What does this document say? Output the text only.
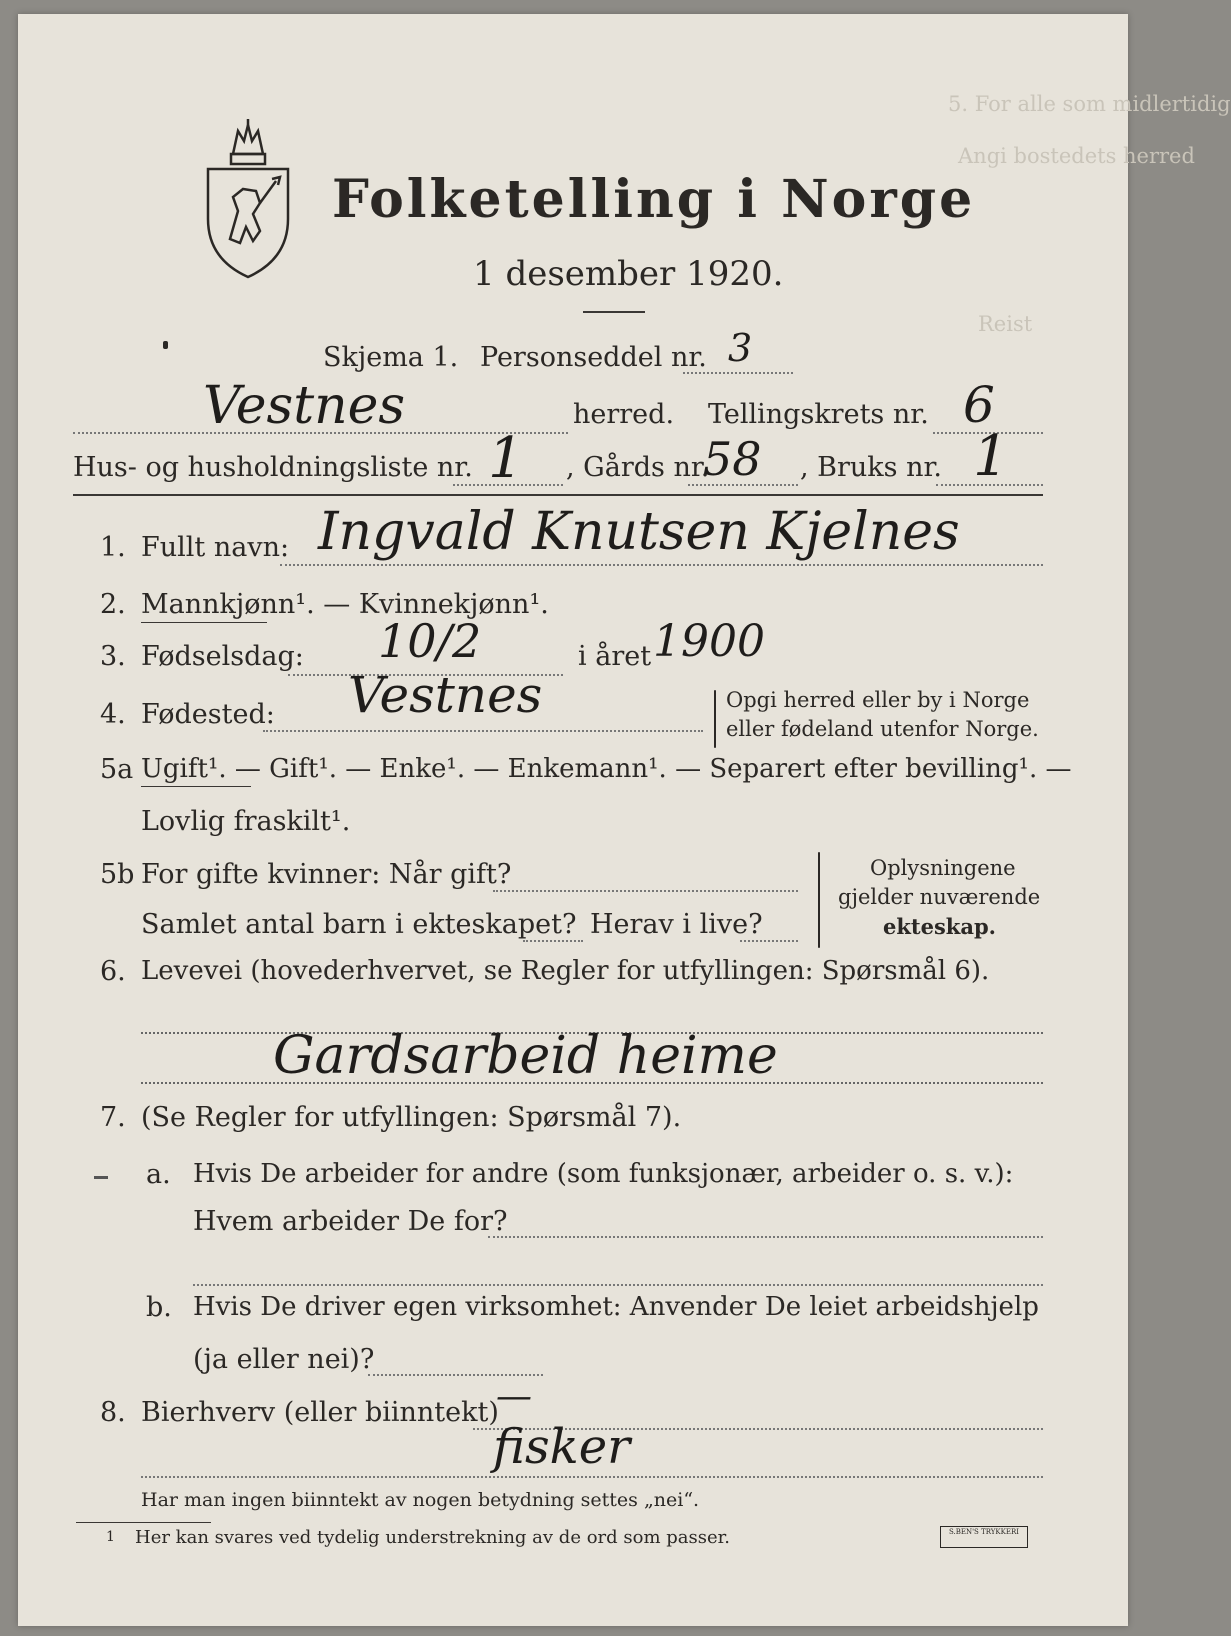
5. For alle som midlertidig
Angi bostedets herred
Reist
Folketelling i Norge
1 desember 1920.
Skjema 1. Personseddel nr. 3
Vestnes	herred. Tellingskrets nr. 6
Hus- og husholdningsliste nr. 1 , Gårds nr.
58 , Bruks nr. 1
1. Fullt navn: Ingvald Knutsen Kjelnes
2. Mannkjønn¹. — Kvinnekjønn¹.
3. Fødselsdag: 10/2	i året 1900
4. Fødested: Vestnes	Opgi herred eller by i Norge
eller fødeland utenfor Norge.
5a Ugift¹. — Gift¹. — Enke¹. — Enkemann¹. — Separert efter bevilling¹. —
Lovlig fraskilt¹.
5b For gifte kvinner: Når gift?
Samlet antal barn i ekteskapet? Herav i live?
Oplysningene
gjelder nuværende
ekteskap.
6. Levevei (hovederhvervet, se Regler for utfyllingen: Spørsmål 6).
Gardsarbeid heime
7. (Se Regler for utfyllingen: Spørsmål 7).
a. Hvis De arbeider for andre (som funksjonær, arbeider o. s. v.):
Hvem arbeider De for?
b. Hvis De driver egen virksomhet: Anvender De leiet arbeidshjelp
(ja eller nei)?
8. Bierhverv (eller biinntekt)
—
fisker
Har man ingen biinntekt av nogen betydning settes „nei“.
1 Her kan svares ved tydelig understrekning av de ord som passer.	S.BEN'S TRYKKERI
